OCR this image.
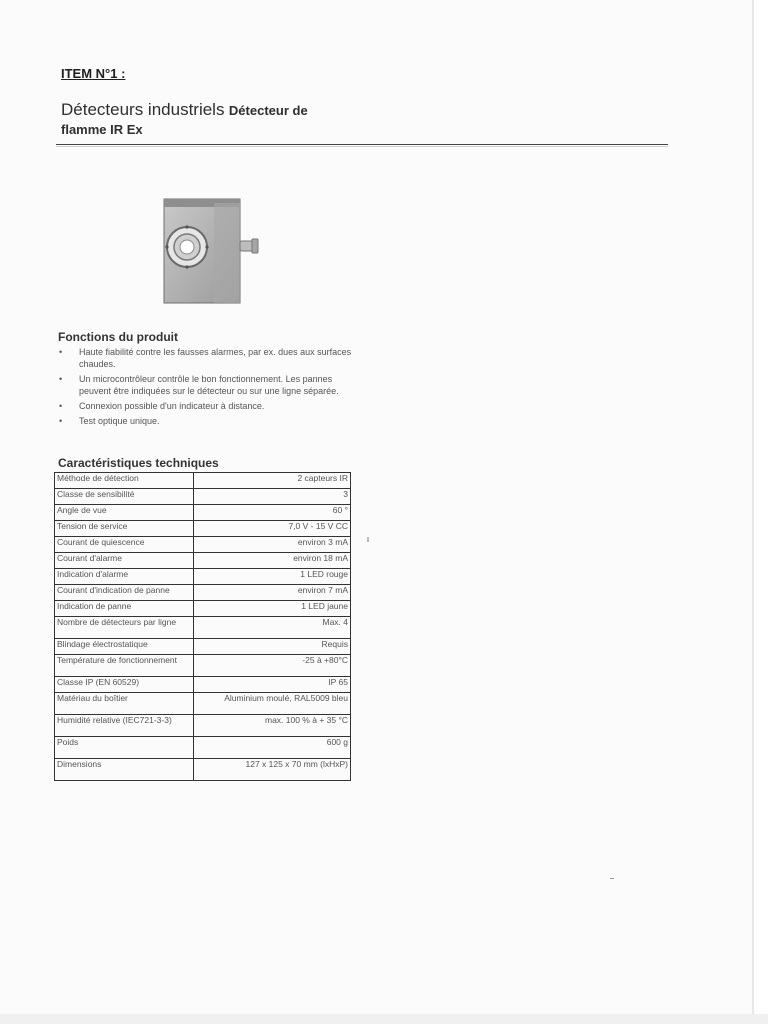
ITEM N°1 :
Détecteurs industriels Détecteur de
flamme IR Ex
Fonctions du produit
• Haute fiabilité contre les fausses alarmes, par ex. dues aux surfaces chaudes.
• Un microcontrôleur contrôle le bon fonctionnement. Les pannes peuvent être indiquées sur le détecteur ou sur une ligne séparée.
• Connexion possible d'un indicateur à distance.
• Test optique unique.
Caractéristiques techniques
Méthode de détection	2 capteurs IR
Classe de sensibilité	3
Angle de vue	60 °
Tension de service	7,0 V - 15 V CC
Courant de quiescence	environ 3 mA
Courant d'alarme	environ 18 mA
Indication d'alarme	1 LED rouge
Courant d'indication de panne	environ 7 mA
Indication de panne	1 LED jaune
Nombre de détecteurs par ligne	Max. 4
Blindage électrostatique	Requis
Température de fonctionnement	-25 à +80°C
Classe IP (EN 60529)	IP 65
Matériau du boîtier	Aluminium moulé, RAL5009 bleu
Humidité relative (IEC721-3-3)	max. 100 % à + 35 °C
Poids	600 g
Dimensions	127 x 125 x 70 mm (lxHxP)
